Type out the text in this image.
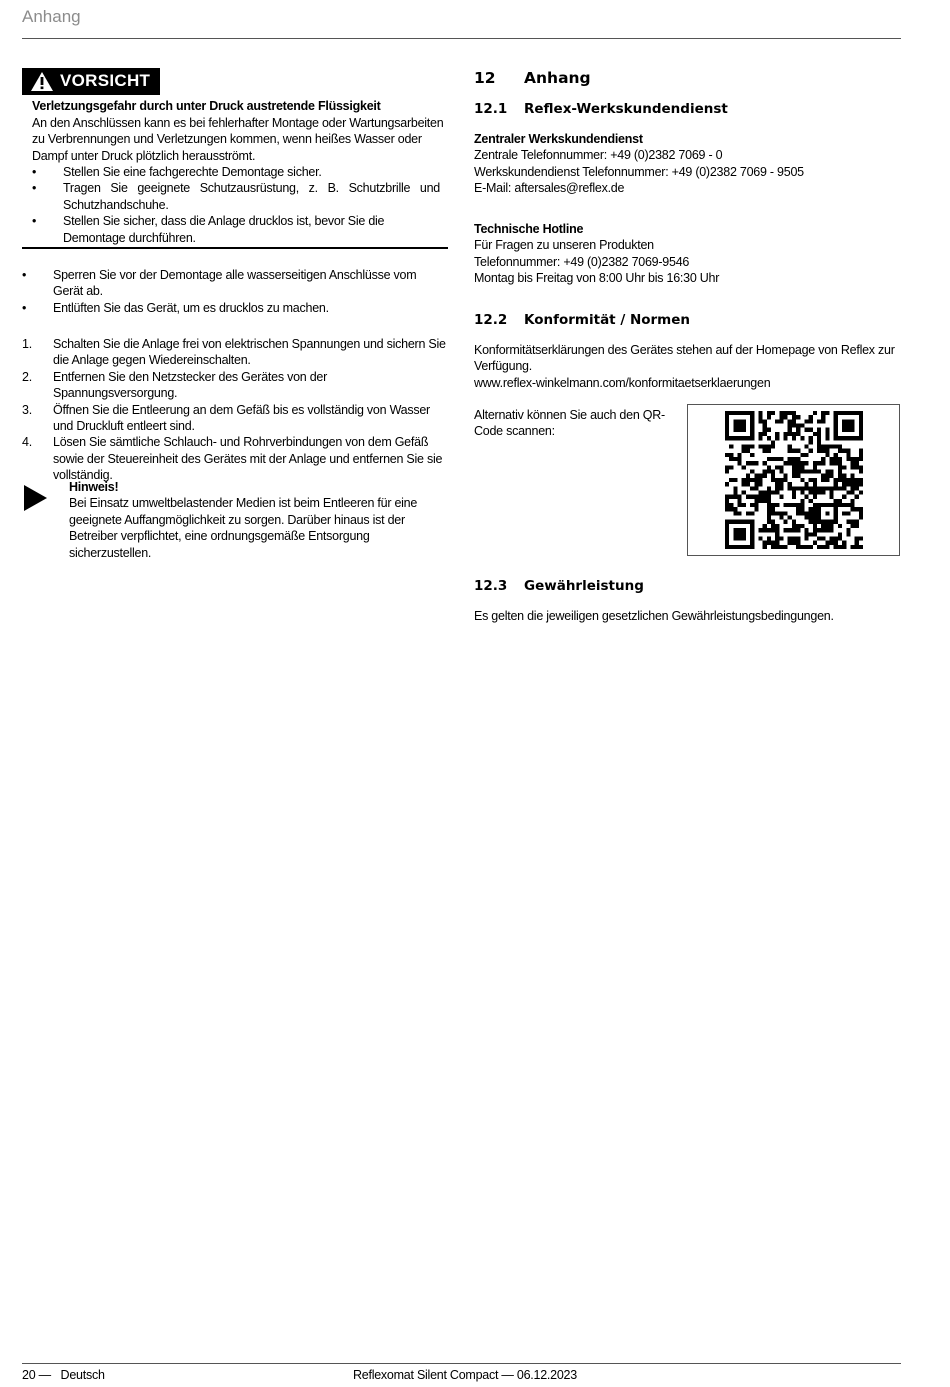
Anhang
VORSICHT
Verletzungsgefahr durch unter Druck austretende Flüssigkeit
An den Anschlüssen kann es bei fehlerhafter Montage oder Wartungsarbeiten zu Verbrennungen und Verletzungen kommen, wenn heißes Wasser oder Dampf unter Druck plötzlich herausströmt.
• Stellen Sie eine fachgerechte Demontage sicher.
• Tragen Sie geeignete Schutzausrüstung, z. B. Schutzbrille und Schutzhandschuhe.
• Stellen Sie sicher, dass die Anlage drucklos ist, bevor Sie die Demontage durchführen.
• Sperren Sie vor der Demontage alle wasserseitigen Anschlüsse vom Gerät ab.
• Entlüften Sie das Gerät, um es drucklos zu machen.
1. Schalten Sie die Anlage frei von elektrischen Spannungen und sichern Sie die Anlage gegen Wiedereinschalten.
2. Entfernen Sie den Netzstecker des Gerätes von der Spannungsversorgung.
3. Öffnen Sie die Entleerung an dem Gefäß bis es vollständig von Wasser und Druckluft entleert sind.
4. Lösen Sie sämtliche Schlauch- und Rohrverbindungen von dem Gefäß sowie der Steuereinheit des Gerätes mit der Anlage und entfernen Sie sie vollständig.
Hinweis!
Bei Einsatz umweltbelastender Medien ist beim Entleeren für eine geeignete Auffangmöglichkeit zu sorgen. Darüber hinaus ist der Betreiber verpflichtet, eine ordnungsgemäße Entsorgung sicherzustellen.
12 Anhang
12.1 Reflex-Werkskundendienst
Zentraler Werkskundendienst
Zentrale Telefonnummer: +49 (0)2382 7069 - 0
Werkskundendienst Telefonnummer: +49 (0)2382 7069 - 9505
E-Mail: aftersales@reflex.de
Technische Hotline
Für Fragen zu unseren Produkten
Telefonnummer: +49 (0)2382 7069-9546
Montag bis Freitag von 8:00 Uhr bis 16:30 Uhr
12.2 Konformität / Normen
Konformitätserklärungen des Gerätes stehen auf der Homepage von Reflex zur Verfügung.
www.reflex-winkelmann.com/konformitaetserklaerungen
Alternativ können Sie auch den QR-Code scannen:
12.3 Gewährleistung
Es gelten die jeweiligen gesetzlichen Gewährleistungsbedingungen.
20 —   Deutsch	Reflexomat Silent Compact — 06.12.2023
